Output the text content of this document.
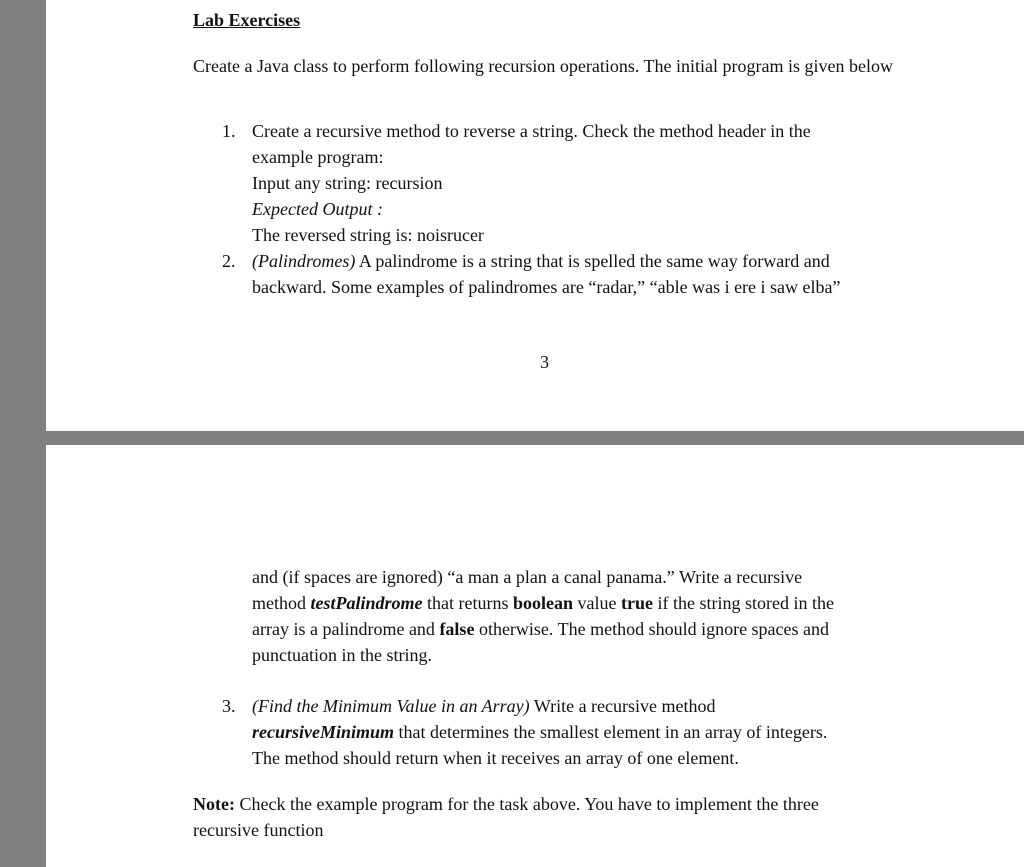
Lab Exercises
Create a Java class to perform following recursion operations. The initial program is given below
1. Create a recursive method to reverse a string. Check the method header in the
example program:
Input any string: recursion
Expected Output :
The reversed string is: noisrucer
2. (Palindromes) A palindrome is a string that is spelled the same way forward and
backward. Some examples of palindromes are “radar,” “able was i ere i saw elba”
3
and (if spaces are ignored) “a man a plan a canal panama.” Write a recursive
method testPalindrome that returns boolean value true if the string stored in the
array is a palindrome and false otherwise. The method should ignore spaces and
punctuation in the string.
3. (Find the Minimum Value in an Array) Write a recursive method
recursiveMinimum that determines the smallest element in an array of integers.
The method should return when it receives an array of one element.
Note: Check the example program for the task above. You have to implement the three
recursive function
